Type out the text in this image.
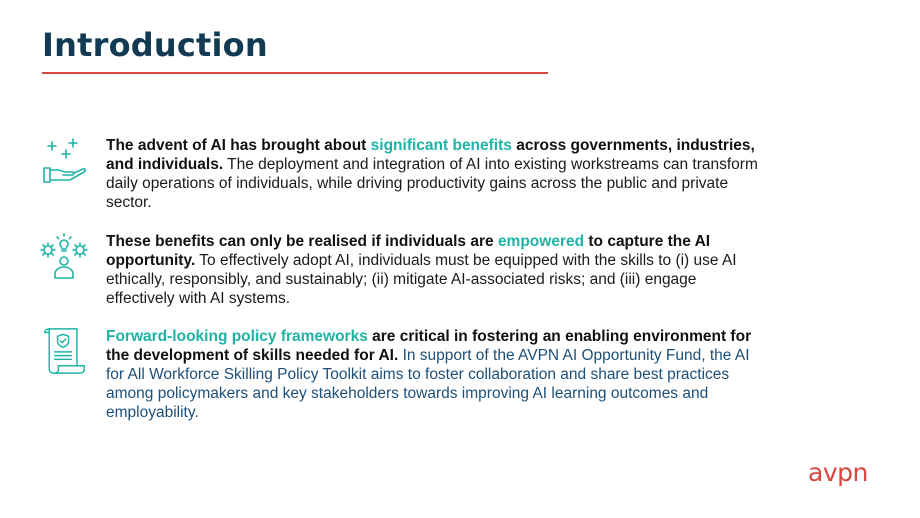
Introduction
The advent of AI has brought about significant benefits across governments, industries, and individuals. The deployment and integration of AI into existing workstreams can transform daily operations of individuals, while driving productivity gains across the public and private sector.
These benefits can only be realised if individuals are empowered to capture the AI opportunity. To effectively adopt AI, individuals must be equipped with the skills to (i) use AI ethically, responsibly, and sustainably; (ii) mitigate AI-associated risks; and (iii) engage effectively with AI systems.
Forward-looking policy frameworks are critical in fostering an enabling environment for the development of skills needed for AI. In support of the AVPN AI Opportunity Fund, the AI for All Workforce Skilling Policy Toolkit aims to foster collaboration and share best practices among policymakers and key stakeholders towards improving AI learning outcomes and employability.
avpn
